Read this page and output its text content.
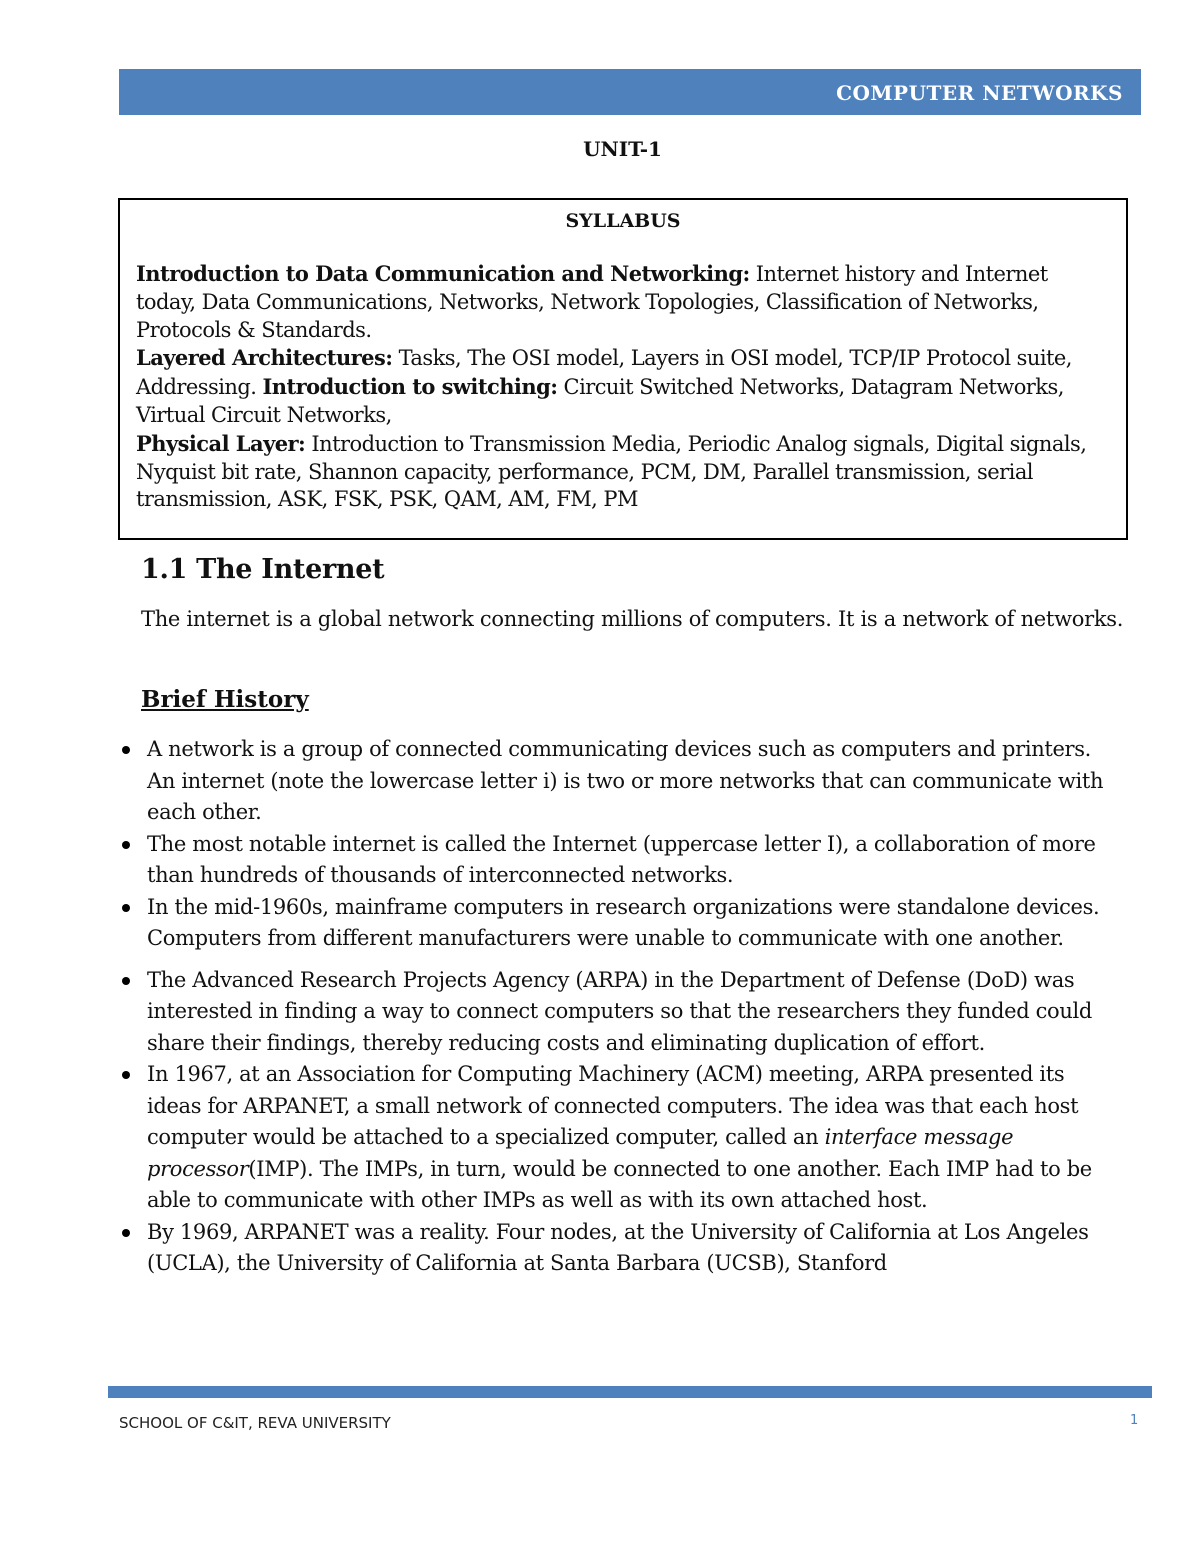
COMPUTER NETWORKS
UNIT-1
SYLLABUS

Introduction to Data Communication and Networking: Internet history and Internet today, Data Communications, Networks, Network Topologies, Classification of Networks, Protocols & Standards.

Layered Architectures: Tasks, The OSI model, Layers in OSI model, TCP/IP Protocol suite, Addressing. Introduction to switching: Circuit Switched Networks, Datagram Networks, Virtual Circuit Networks,

Physical Layer: Introduction to Transmission Media, Periodic Analog signals, Digital signals, Nyquist bit rate, Shannon capacity, performance, PCM, DM, Parallel transmission, serial transmission, ASK, FSK, PSK, QAM, AM, FM, PM

1.1 The Internet

The internet is a global network connecting millions of computers. It is a network of networks.

Brief History
A network is a group of connected communicating devices such as computers and printers. An internet (note the lowercase letter i) is two or more networks that can communicate with each other.
The most notable internet is called the Internet (uppercase letter I), a collaboration of more than hundreds of thousands of interconnected networks.
In the mid-1960s, mainframe computers in research organizations were standalone devices. Computers from different manufacturers were unable to communicate with one another.
The Advanced Research Projects Agency (ARPA) in the Department of Defense (DoD) was interested in finding a way to connect computers so that the researchers they funded could share their findings, thereby reducing costs and eliminating duplication of effort.
In 1967, at an Association for Computing Machinery (ACM) meeting, ARPA presented its ideas for ARPANET, a small network of connected computers. The idea was that each host computer would be attached to a specialized computer, called an interface message processor(IMP). The IMPs, in turn, would be connected to one another. Each IMP had to be able to communicate with other IMPs as well as with its own attached host.
By 1969, ARPANET was a reality. Four nodes, at the University of California at Los Angeles (UCLA), the University of California at Santa Barbara (UCSB), Stanford
SCHOOL OF C&IT, REVA UNIVERSITY	1
